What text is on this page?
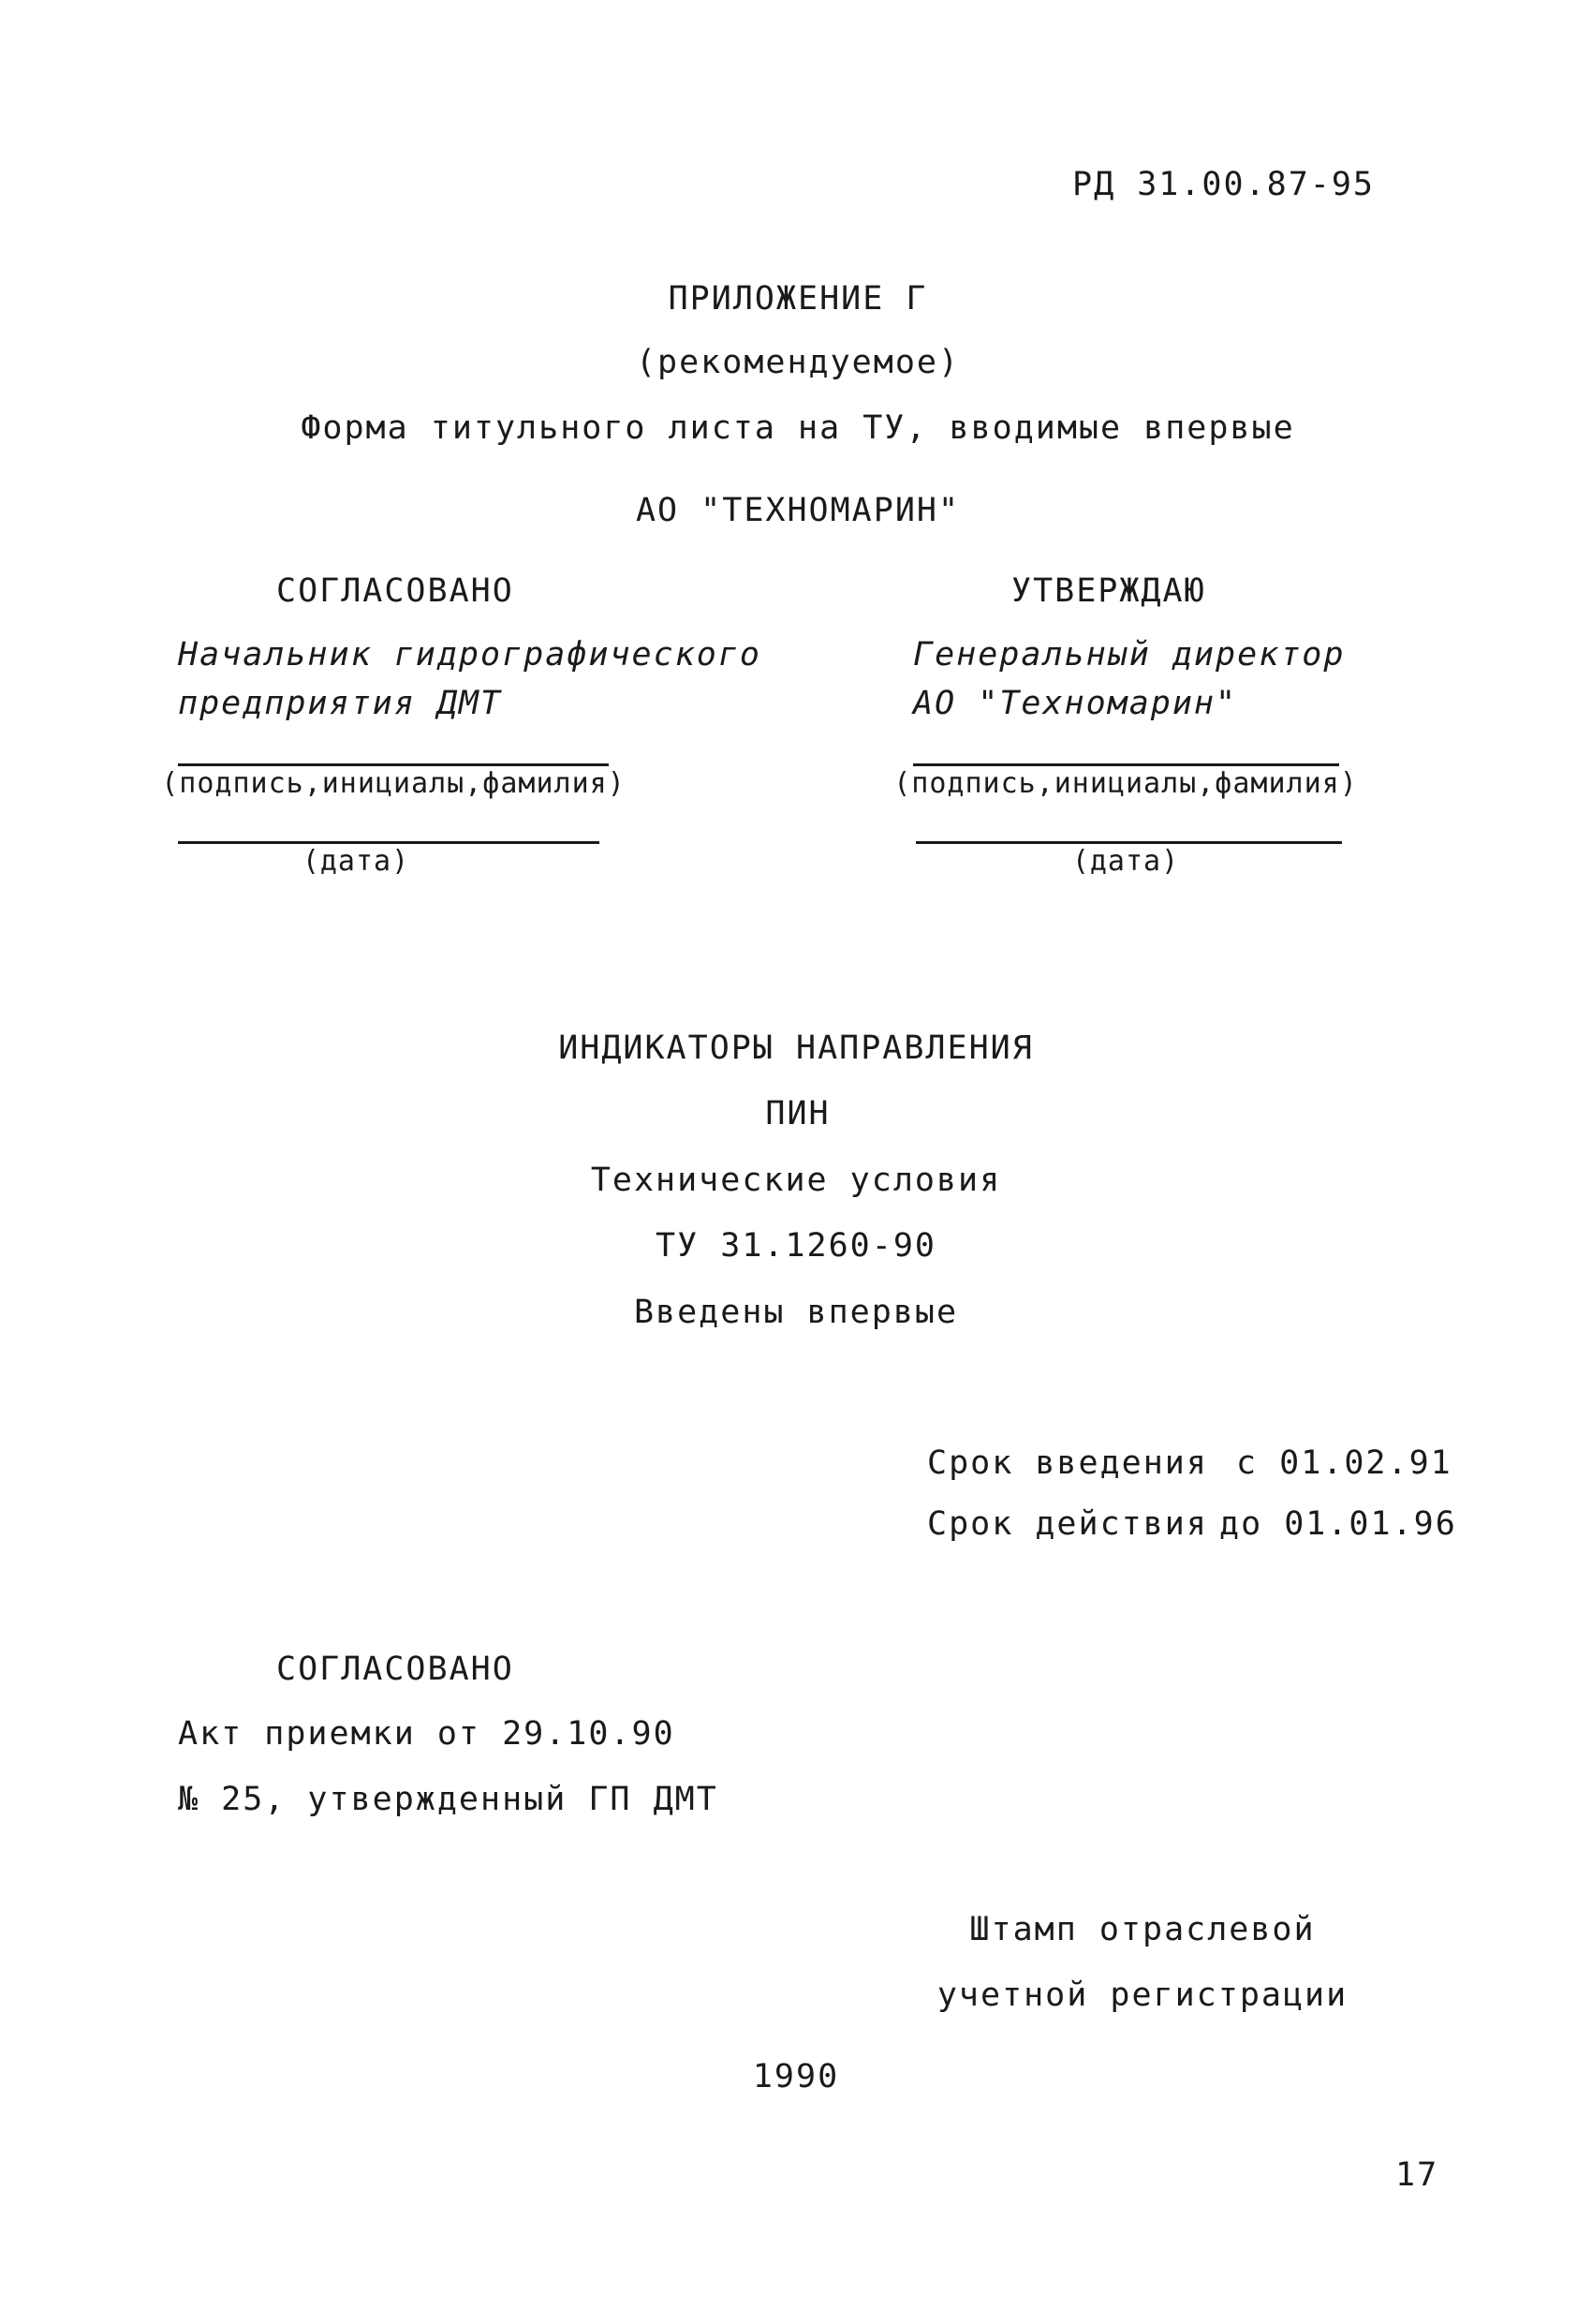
РД 31.00.87-95
ПРИЛОЖЕНИЕ Г
(рекомендуемое)
Форма титульного листа на ТУ, вводимые впервые
АО "ТЕХНОМАРИН"
СОГЛАСОВАНО
Начальник гидрографического
предприятия ДМТ
(подпись,инициалы,фамилия)
(дата)
УТВЕРЖДАЮ
Генеральный директор
АО "Техномарин"
(подпись,инициалы,фамилия)
(дата)
ИНДИКАТОРЫ НАПРАВЛЕНИЯ
ПИН
Технические условия
ТУ 31.1260-90
Введены впервые
Срок введения с 01.02.91
Срок действия до 01.01.96
СОГЛАСОВАНО
Акт приемки от 29.10.90
№ 25, утвержденный ГП ДМТ
Штамп отраслевой
учетной регистрации
1990
17
